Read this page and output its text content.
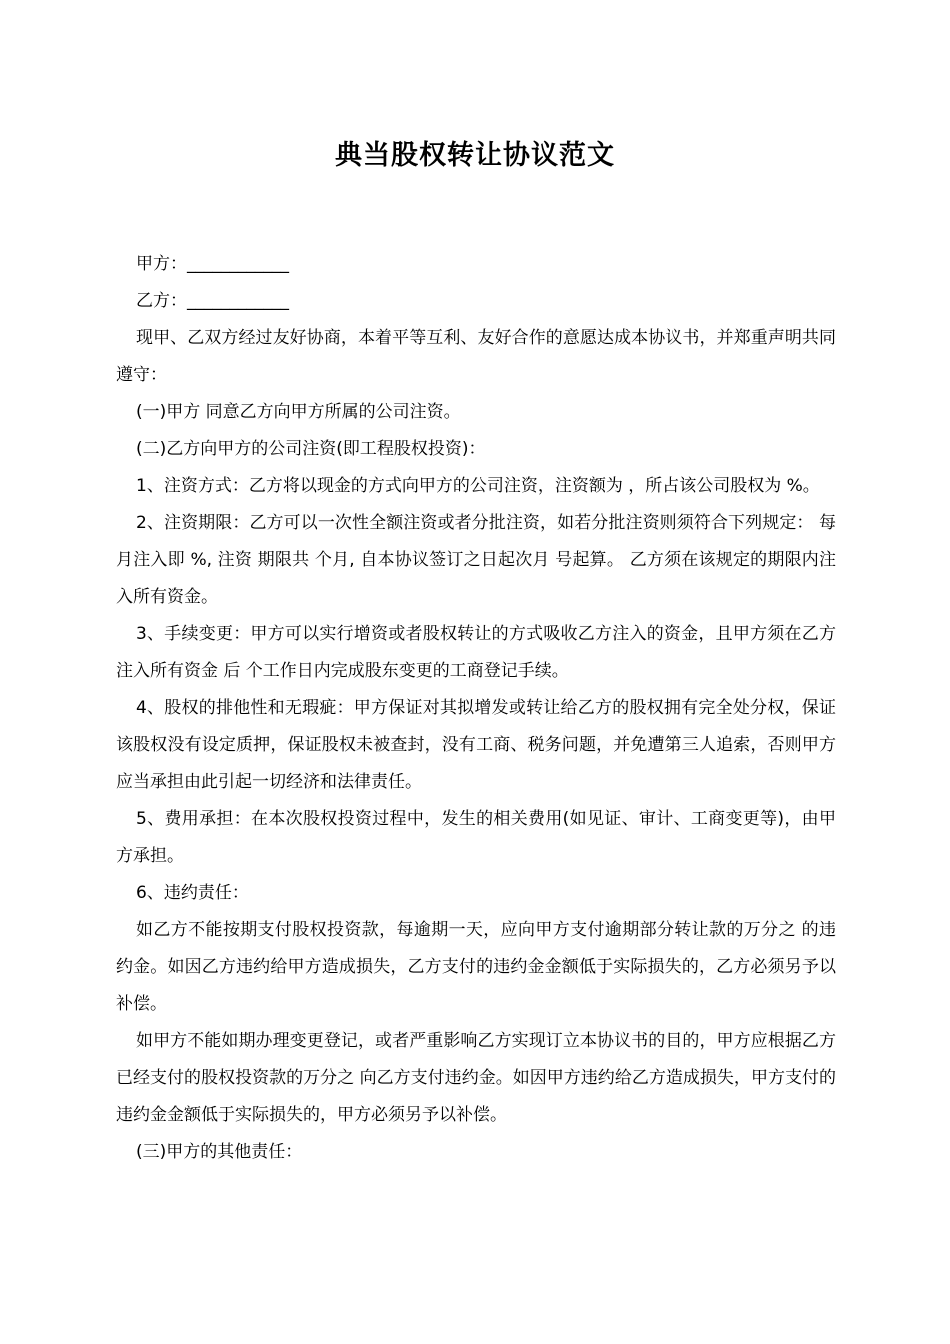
典当股权转让协议范文

甲方：____________

乙方：____________

现甲、乙双方经过友好协商，本着平等互利、友好合作的意愿达成本协议书，并郑重声明共同遵守：

(一)甲方 同意乙方向甲方所属的公司注资。

(二)乙方向甲方的公司注资(即工程股权投资)：

1、注资方式：乙方将以现金的方式向甲方的公司注资，注资额为 ，所占该公司股权为 %。

2、注资期限：乙方可以一次性全额注资或者分批注资，如若分批注资则须符合下列规定： 每月注入即 %, 注资 期限共 个月, 自本协议签订之日起次月 号起算。 乙方须在该规定的期限内注入所有资金。

3、手续变更：甲方可以实行增资或者股权转让的方式吸收乙方注入的资金，且甲方须在乙方注入所有资金 后 个工作日内完成股东变更的工商登记手续。

4、股权的排他性和无瑕疵：甲方保证对其拟增发或转让给乙方的股权拥有完全处分权，保证该股权没有设定质押，保证股权未被查封，没有工商、税务问题，并免遭第三人追索，否则甲方应当承担由此引起一切经济和法律责任。

5、费用承担：在本次股权投资过程中，发生的相关费用(如见证、审计、工商变更等)，由甲方承担。

6、违约责任：

如乙方不能按期支付股权投资款，每逾期一天，应向甲方支付逾期部分转让款的万分之 的违约金。如因乙方违约给甲方造成损失，乙方支付的违约金金额低于实际损失的，乙方必须另予以补偿。

如甲方不能如期办理变更登记，或者严重影响乙方实现订立本协议书的目的，甲方应根据乙方已经支付的股权投资款的万分之 向乙方支付违约金。如因甲方违约给乙方造成损失，甲方支付的违约金金额低于实际损失的，甲方必须另予以补偿。

(三)甲方的其他责任：
